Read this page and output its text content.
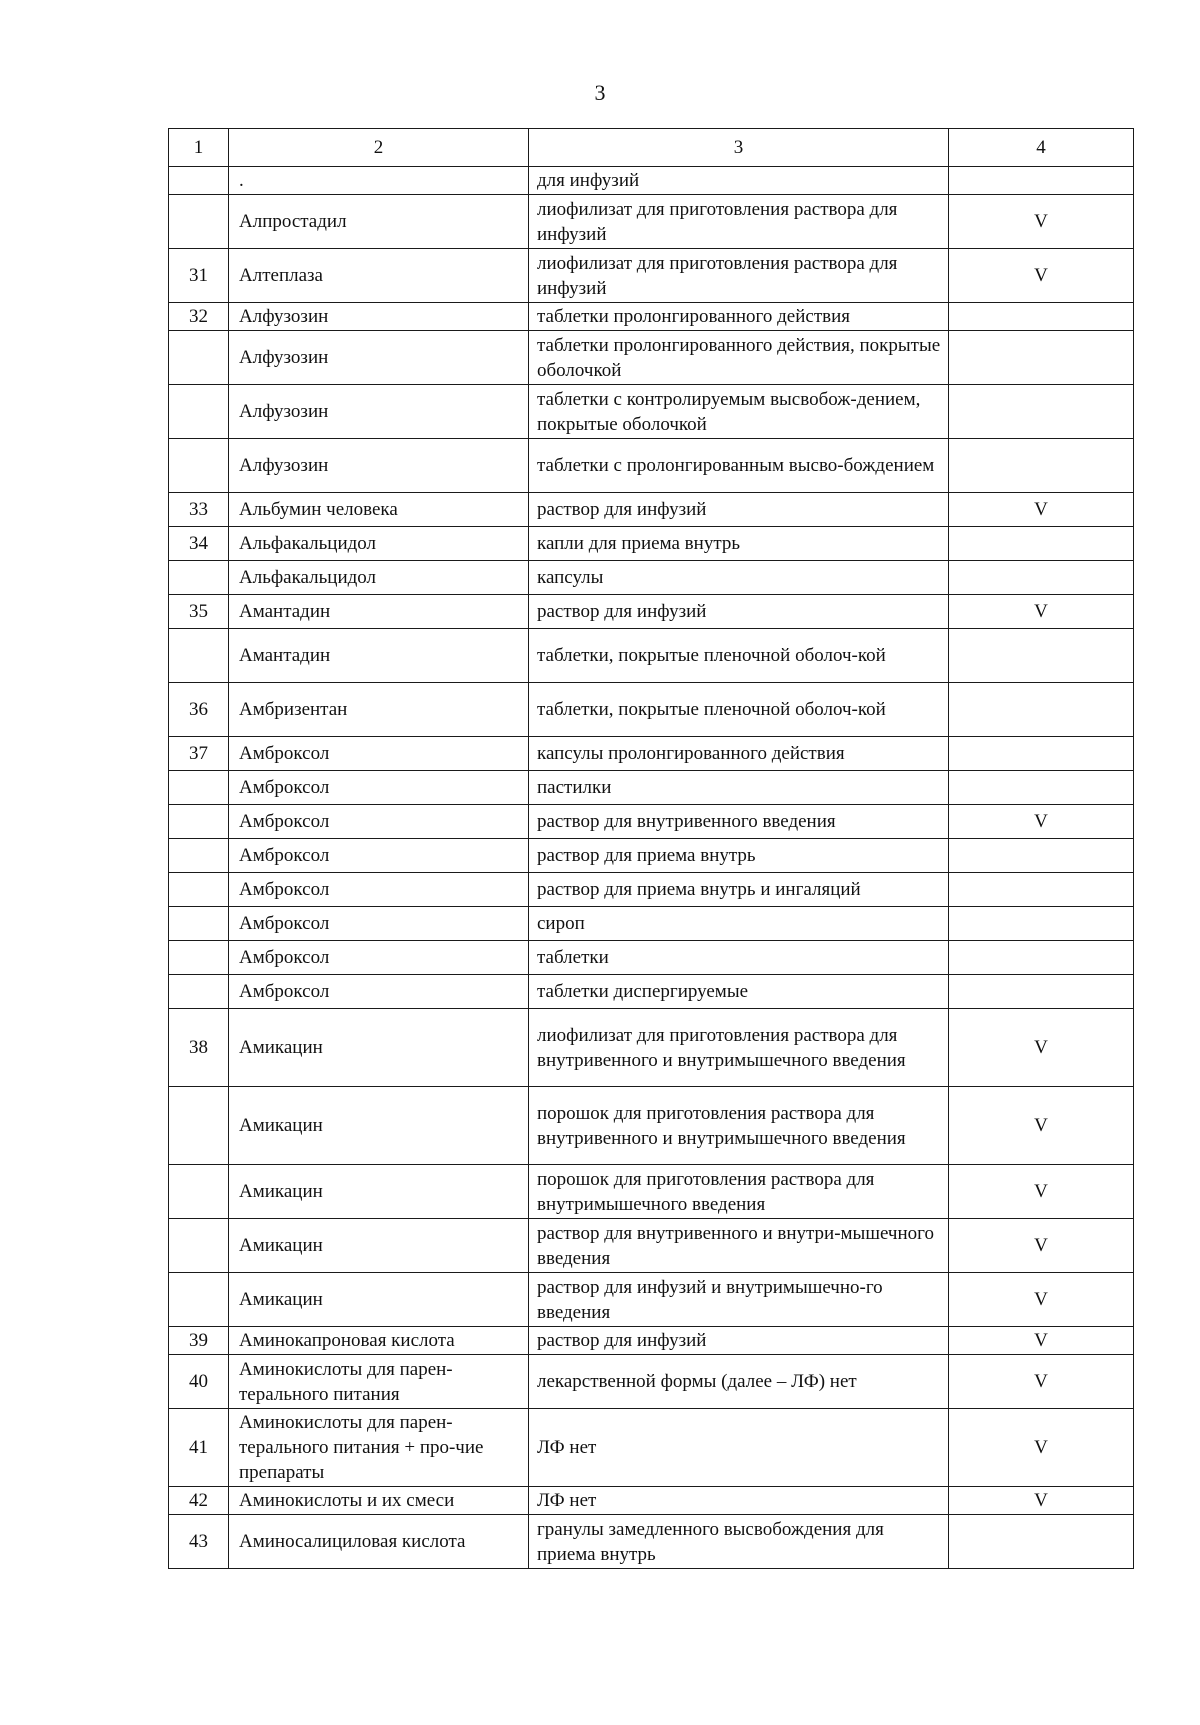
3
1	2	3	4
	.	для инфузий	
	Алпростадил	лиофилизат для приготовления раствора для инфузий	V
31	Алтеплаза	лиофилизат для приготовления раствора для инфузий	V
32	Алфузозин	таблетки пролонгированного действия	
	Алфузозин	таблетки пролонгированного действия, покрытые оболочкой	
	Алфузозин	таблетки с контролируемым высвобож-дением, покрытые оболочкой	
	Алфузозин	таблетки с пролонгированным высво-бождением	
33	Альбумин человека	раствор для инфузий	V
34	Альфакальцидол	капли для приема внутрь	
	Альфакальцидол	капсулы	
35	Амантадин	раствор для инфузий	V
	Амантадин	таблетки, покрытые пленочной оболоч-кой	
36	Амбризентан	таблетки, покрытые пленочной оболоч-кой	
37	Амброксол	капсулы пролонгированного действия	
	Амброксол	пастилки	
	Амброксол	раствор для внутривенного введения	V
	Амброксол	раствор для приема внутрь	
	Амброксол	раствор для приема внутрь и ингаляций	
	Амброксол	сироп	
	Амброксол	таблетки	
	Амброксол	таблетки диспергируемые	
38	Амикацин	лиофилизат для приготовления раствора для внутривенного и внутримышечного введения	V
	Амикацин	порошок для приготовления раствора для внутривенного и внутримышечного введения	V
	Амикацин	порошок для приготовления раствора для внутримышечного введения	V
	Амикацин	раствор для внутривенного и внутри-мышечного введения	V
	Амикацин	раствор для инфузий и внутримышечно-го введения	V
39	Аминокапроновая кислота	раствор для инфузий	V
40	Аминокислоты для парен-терального питания	лекарственной формы (далее – ЛФ) нет	V
41	Аминокислоты для парен-терального питания + про-чие препараты	ЛФ нет	V
42	Аминокислоты и их смеси	ЛФ нет	V
43	Аминосалициловая кислота	гранулы замедленного высвобождения для приема внутрь	
